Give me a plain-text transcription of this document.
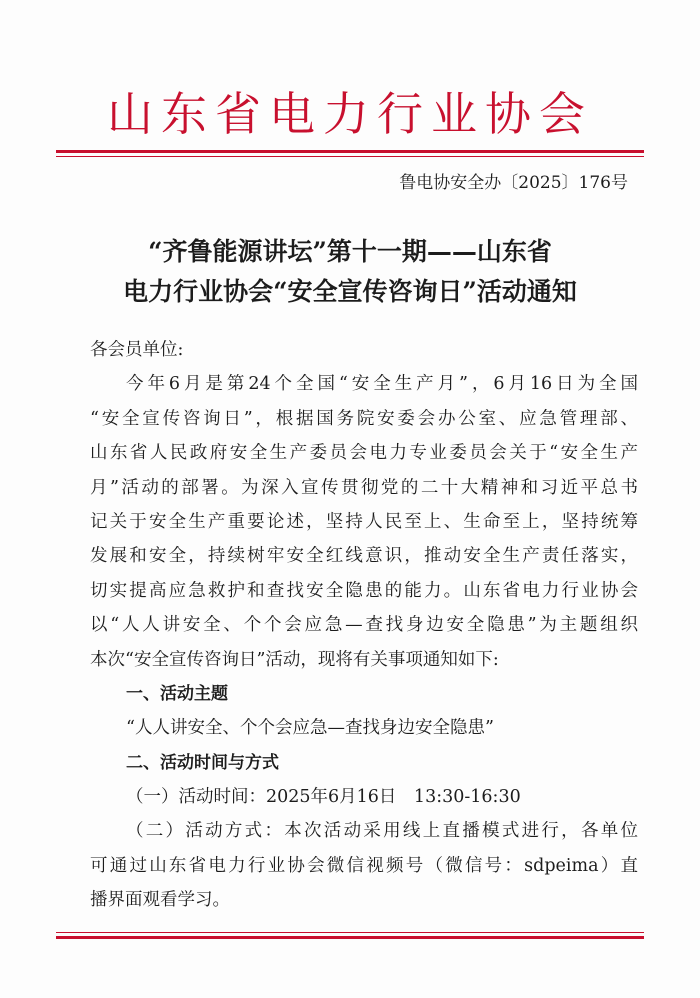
山东省电力行业协会
鲁电协安全办〔2025〕176号
“齐鲁能源讲坛”第十一期——山东省
电力行业协会“安全宣传咨询日”活动通知
各会员单位:
今年6月是第24个全国“安全生产月”，6月16日为全国
“安全宣传咨询日”，根据国务院安委会办公室、应急管理部、
山东省人民政府安全生产委员会电力专业委员会关于“安全生产
月”活动的部署。为深入宣传贯彻党的二十大精神和习近平总书
记关于安全生产重要论述，坚持人民至上、生命至上，坚持统筹
发展和安全，持续树牢安全红线意识，推动安全生产责任落实，
切实提高应急救护和查找安全隐患的能力。山东省电力行业协会
以“人人讲安全、个个会应急—查找身边安全隐患”为主题组织
本次“安全宣传咨询日”活动，现将有关事项通知如下:
一、活动主题
“人人讲安全、个个会应急—查找身边安全隐患”
二、活动时间与方式
（一）活动时间：2025年6月16日　13:30-16:30
（二）活动方式：本次活动采用线上直播模式进行，各单位
可通过山东省电力行业协会微信视频号（微信号：sdpeima）直
播界面观看学习。
